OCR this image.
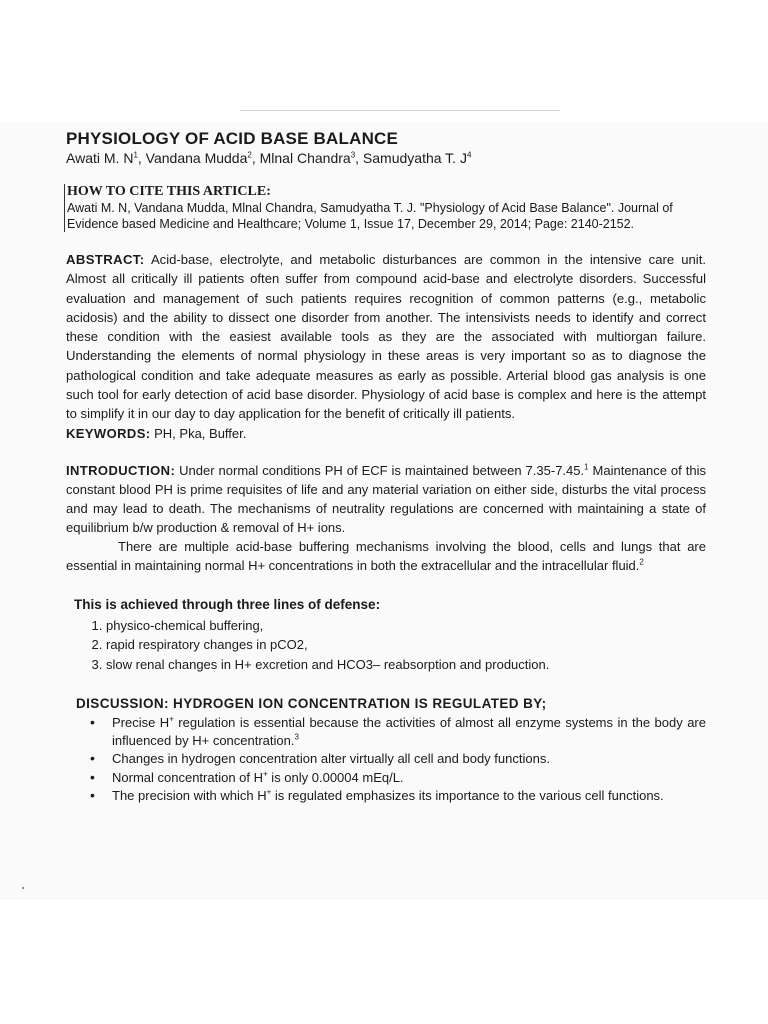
PHYSIOLOGY OF ACID BASE BALANCE

Awati M. $N^1$, Vandana Mudda$^2$, Mlnal Chandra$^3$, Samudyatha T. $J^4$

HOW TO CITE THIS ARTICLE:
Awati M. N, Vandana Mudda, Mlnal Chandra, Samudyatha T. J. "Physiology of Acid Base Balance". Journal of Evidence based Medicine and Healthcare; Volume 1, Issue 17, December 29, 2014; Page: 2140-2152.

ABSTRACT: Acid-base, electrolyte, and metabolic disturbances are common in the intensive care unit. Almost all critically ill patients often suffer from compound acid-base and electrolyte disorders. Successful evaluation and management of such patients requires recognition of common patterns (e.g., metabolic acidosis) and the ability to dissect one disorder from another. The intensivists needs to identify and correct these condition with the easiest available tools as they are the associated with multiorgan failure. Understanding the elements of normal physiology in these areas is very important so as to diagnose the pathological condition and take adequate measures as early as possible. Arterial blood gas analysis is one such tool for early detection of acid base disorder. Physiology of acid base is complex and here is the attempt to simplify it in our day to day application for the benefit of critically ill patients.

KEYWORDS: PH, Pka, Buffer.

INTRODUCTION: Under normal conditions PH of ECF is maintained between 7.35-7.45.$^1$ Maintenance of this constant blood PH is prime requisites of life and any material variation on either side, disturbs the vital process and may lead to death. The mechanisms of neutrality regulations are concerned with maintaining a state of equilibrium b/w production & removal of H+ ions.

There are multiple acid-base buffering mechanisms involving the blood, cells and lungs that are essential in maintaining normal H+ concentrations in both the extracellular and the intracellular fluid.$^2$

This is achieved through three lines of defense:
1. physico-chemical buffering,
2. rapid respiratory changes in pCO2,
3. slow renal changes in H+ excretion and HCO3– reabsorption and production.
DISCUSSION: HYDROGEN ION CONCENTRATION IS REGULATED BY;
• Precise H+ regulation is essential because the activities of almost all enzyme systems in the body are influenced by H+ concentration.$^3$
• Changes in hydrogen concentration alter virtually all cell and body functions.
• Normal concentration of H+ is only 0.00004 mEq/L.
• The precision with which H+ is regulated emphasizes its importance to the various cell functions.
